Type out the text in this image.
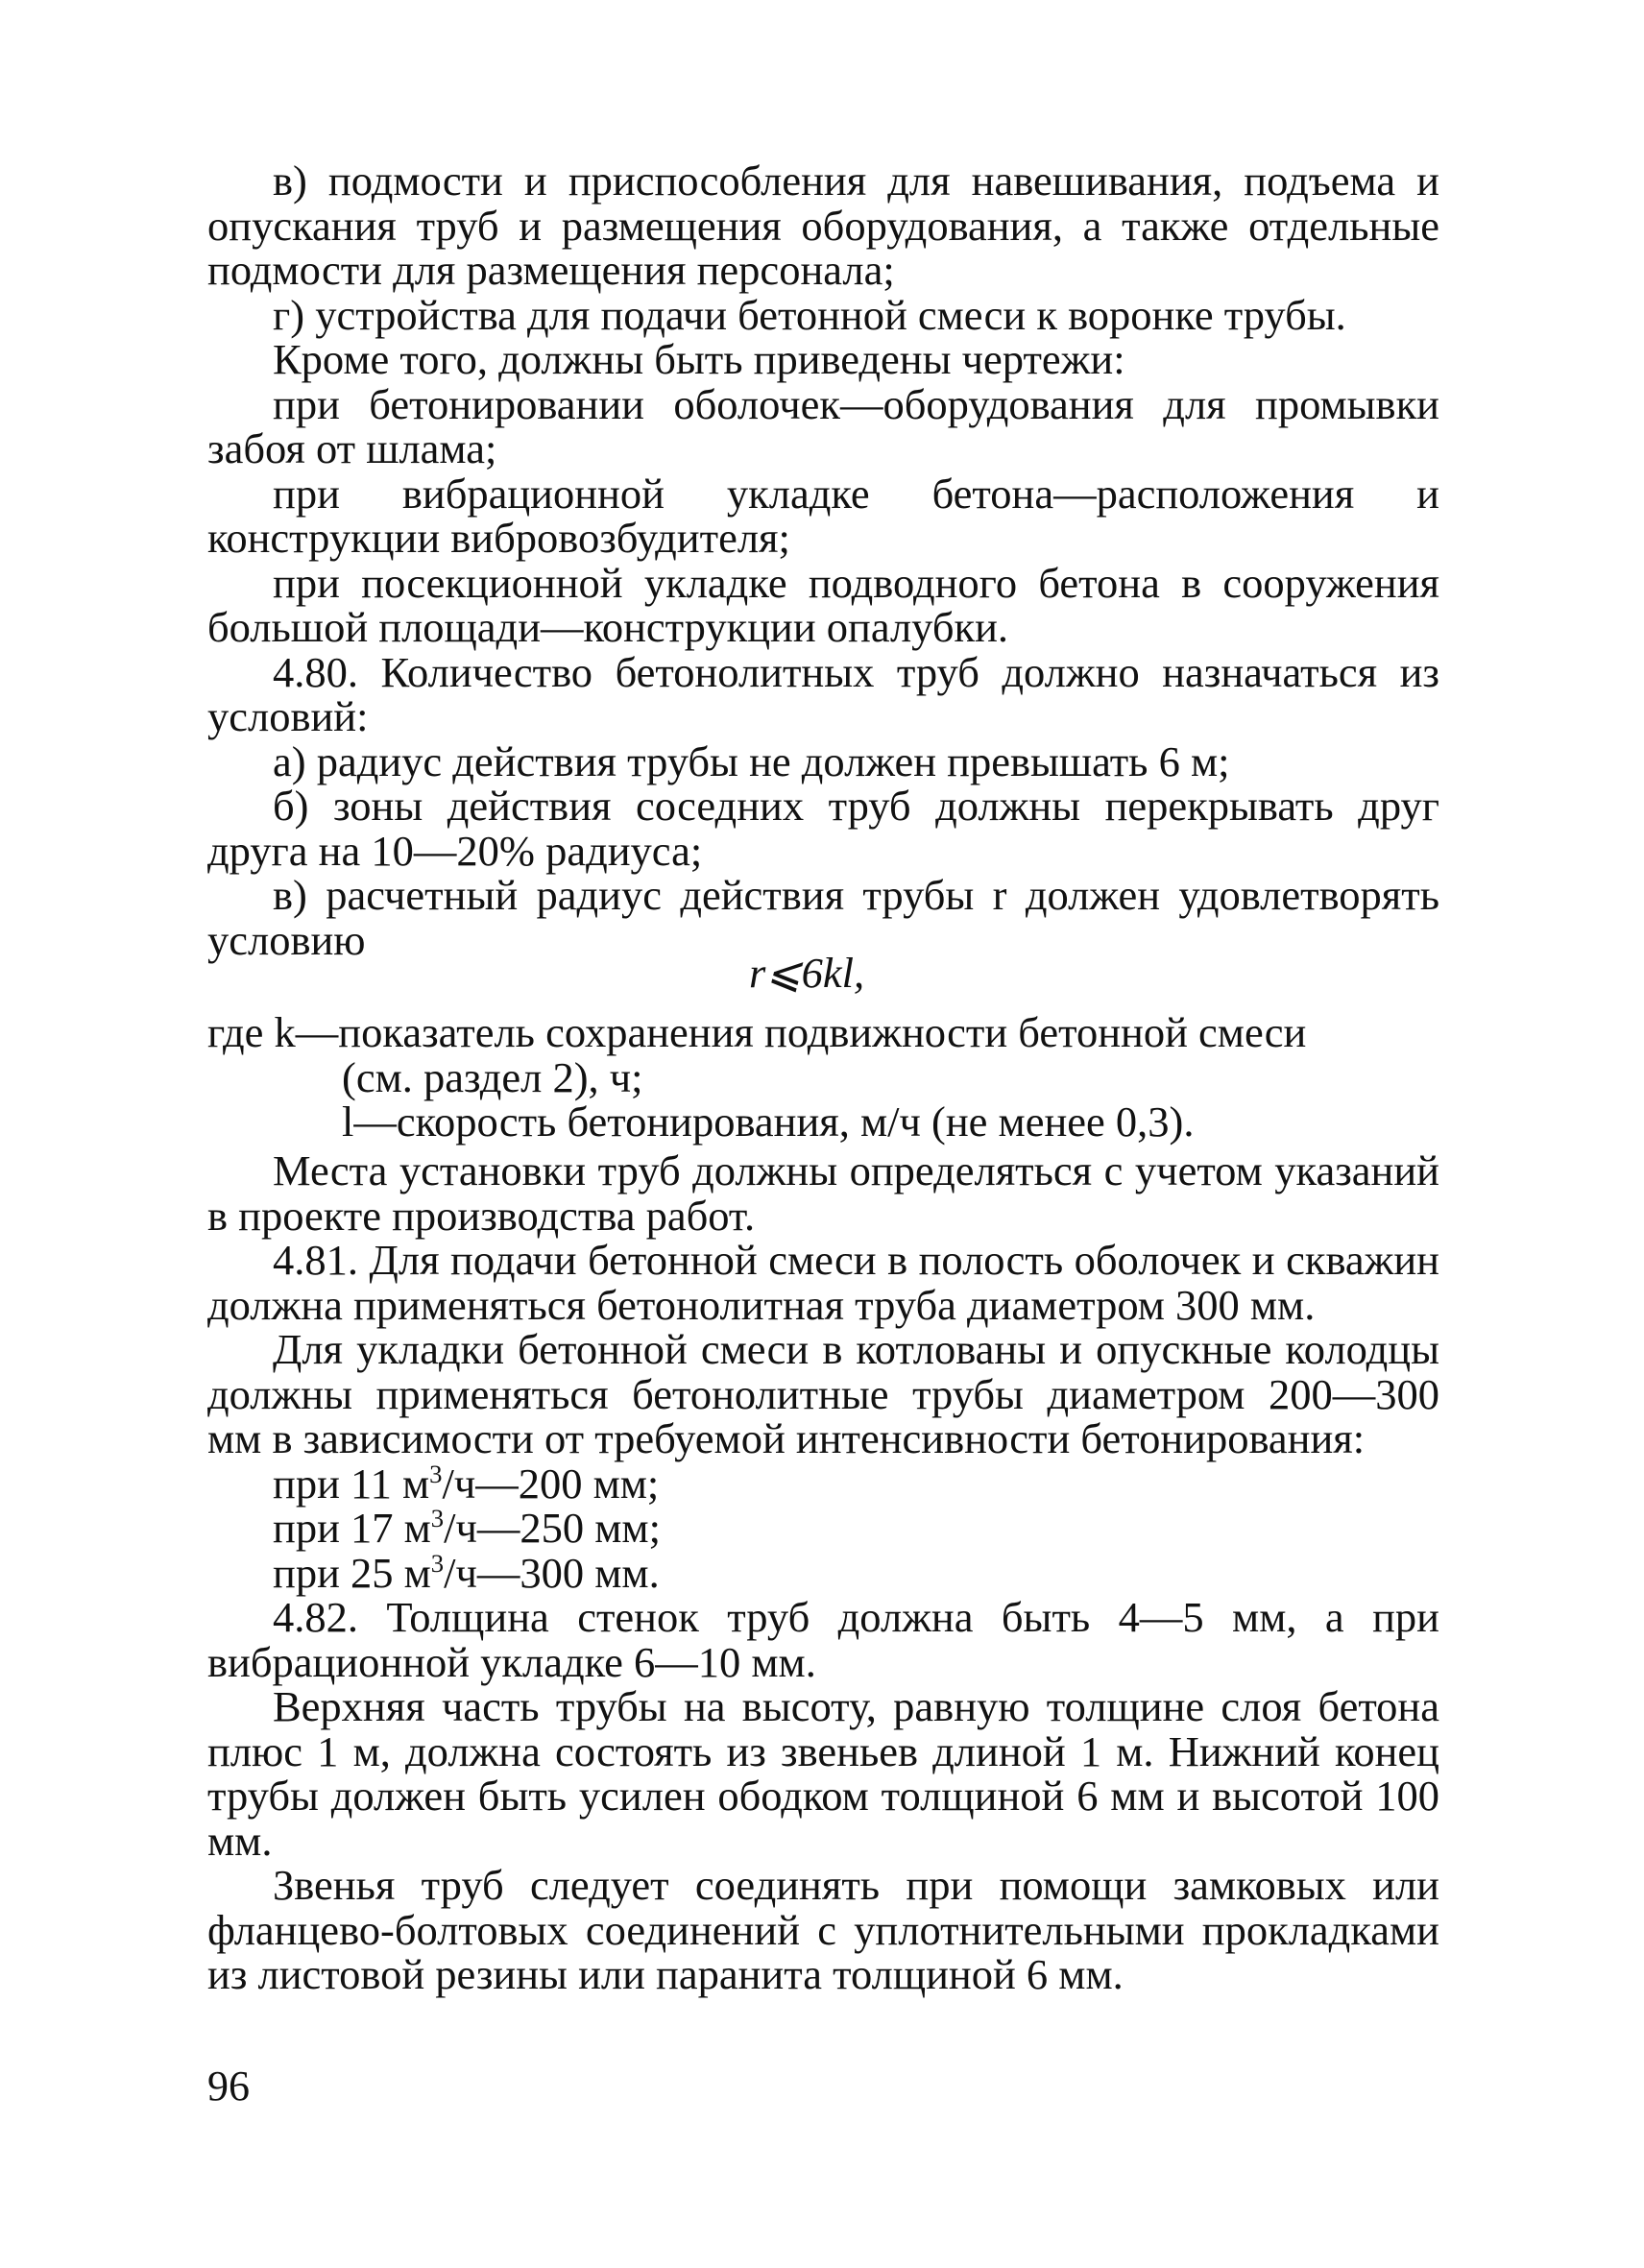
в) подмости и приспособления для навешивания, подъема и опускания труб и размещения оборудования, а также отдельные подмости для размещения персонала;

г) устройства для подачи бетонной смеси к воронке трубы.

Кроме того, должны быть приведены чертежи:

при бетонировании оболочек—оборудования для промывки забоя от шлама;

при вибрационной укладке бетона—расположения и конструкции вибровозбудителя;

при посекционной укладке подводного бетона в сооружения большой площади—конструкции опалубки.

4.80. Количество бетонолитных труб должно назначаться из условий:

а) радиус действия трубы не должен превышать 6 м;

б) зоны действия соседних труб должны перекрывать друг друга на 10—20% радиуса;

в) расчетный радиус действия трубы r должен удовлетворять условию

r⩽6kl,
где k—показатель сохранения подвижности бетонной смеси
(см. раздел 2), ч;
l—скорость бетонирования, м/ч (не менее 0,3).

Места установки труб должны определяться с учетом указаний в проекте производства работ.

4.81. Для подачи бетонной смеси в полость оболочек и скважин должна применяться бетонолитная труба диаметром 300 мм.

Для укладки бетонной смеси в котлованы и опускные колодцы должны применяться бетонолитные трубы диаметром 200—300 мм в зависимости от требуемой интенсивности бетонирования:

при 11 $м^3/ч—200$ мм;

при 17 $м^3/ч—250$ мм;

при 25 $м^3/ч—300$ мм.

4.82. Толщина стенок труб должна быть 4—5 мм, а при вибрационной укладке 6—10 мм.

Верхняя часть трубы на высоту, равную толщине слоя бетона плюс 1 м, должна состоять из звеньев длиной 1 м. Нижний конец трубы должен быть усилен ободком толщиной 6 мм и высотой 100 мм.

Звенья труб следует соединять при помощи замковых или фланцево-болтовых соединений с уплотнительными прокладками из листовой резины или паранита толщиной 6 мм.

96
